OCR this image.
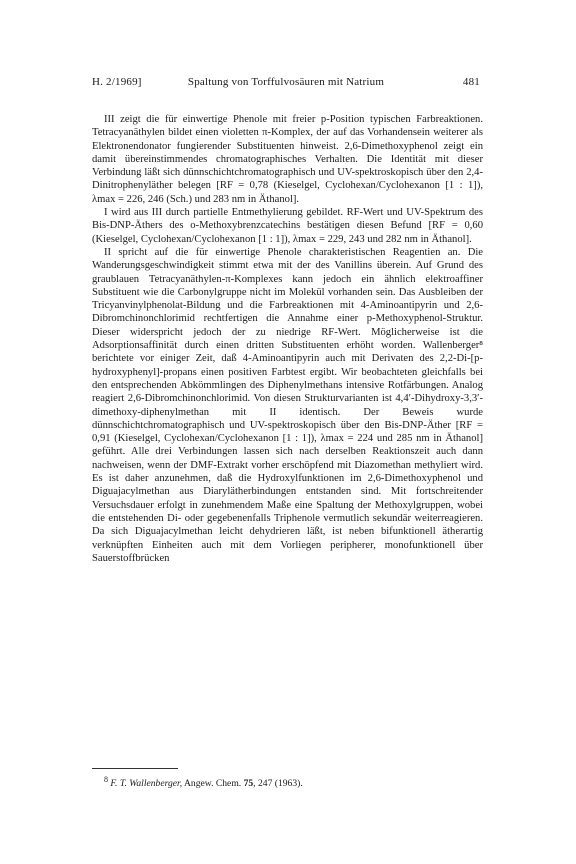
H. 2/1969]	Spaltung von Torffulvosäuren mit Natrium	481

III zeigt die für einwertige Phenole mit freier p-Position typischen Farbreaktionen. Tetracyanäthylen bildet einen violetten π-Komplex, der auf das Vorhandensein weiterer als Elektronendonator fungierender Substituenten hinweist. 2,6-Dimethoxyphenol zeigt ein damit übereinstimmendes chromatographisches Verhalten. Die Identität mit dieser Verbindung läßt sich dünnschichtchromatographisch und UV-spektroskopisch über den 2,4-Dinitrophenyläther belegen [RF = 0,78 (Kieselgel, Cyclohexan/Cyclohexanon [1 : 1]), λmax = 226, 246 (Sch.) und 283 nm in Äthanol].

I wird aus III durch partielle Entmethylierung gebildet. RF-Wert und UV-Spektrum des Bis-DNP-Äthers des o-Methoxybrenzcatechins bestätigen diesen Befund [RF = 0,60 (Kieselgel, Cyclohexan/Cyclohexanon [1 : 1]), λmax = 229, 243 und 282 nm in Äthanol].

II spricht auf die für einwertige Phenole charakteristischen Reagentien an. Die Wanderungsgeschwindigkeit stimmt etwa mit der des Vanillins überein. Auf Grund des graublauen Tetracyanäthylen-π-Komplexes kann jedoch ein ähnlich elektroaffiner Substituent wie die Carbonylgruppe nicht im Molekül vorhanden sein. Das Ausbleiben der Tricyanvinylphenolat-Bildung und die Farbreaktionen mit 4-Aminoantipyrin und 2,6-Dibromchinonchlorimid rechtfertigen die Annahme einer p-Methoxyphenol-Struktur. Dieser widerspricht jedoch der zu niedrige RF-Wert. Möglicherweise ist die Adsorptionsaffinität durch einen dritten Substituenten erhöht worden. Wallenberger⁸ berichtete vor einiger Zeit, daß 4-Aminoantipyrin auch mit Derivaten des 2,2-Di-[p-hydroxyphenyl]-propans einen positiven Farbtest ergibt. Wir beobachteten gleichfalls bei den entsprechenden Abkömmlingen des Diphenylmethans intensive Rotfärbungen. Analog reagiert 2,6-Dibromchinonchlorimid. Von diesen Strukturvarianten ist 4,4′-Dihydroxy-3,3′-dimethoxy-diphenylmethan mit II identisch. Der Beweis wurde dünnschichtchromatographisch und UV-spektroskopisch über den Bis-DNP-Äther [RF = 0,91 (Kieselgel, Cyclohexan/Cyclohexanon [1 : 1]), λmax = 224 und 285 nm in Äthanol] geführt. Alle drei Verbindungen lassen sich nach derselben Reaktionszeit auch dann nachweisen, wenn der DMF-Extrakt vorher erschöpfend mit Diazomethan methyliert wird. Es ist daher anzunehmen, daß die Hydroxylfunktionen im 2,6-Dimethoxyphenol und Diguajacylmethan aus Diarylätherbindungen entstanden sind. Mit fortschreitender Versuchsdauer erfolgt in zunehmendem Maße eine Spaltung der Methoxylgruppen, wobei die entstehenden Di- oder gegebenenfalls Triphenole vermutlich sekundär weiterreagieren. Da sich Diguajacylmethan leicht dehydrieren läßt, ist neben bifunktionell ätherartig verknüpften Einheiten auch mit dem Vorliegen peripherer, monofunktionell über Sauerstoffbrücken

$^8$ F. T. Wallenberger, Angew. Chem. 75, 247 (1963).
